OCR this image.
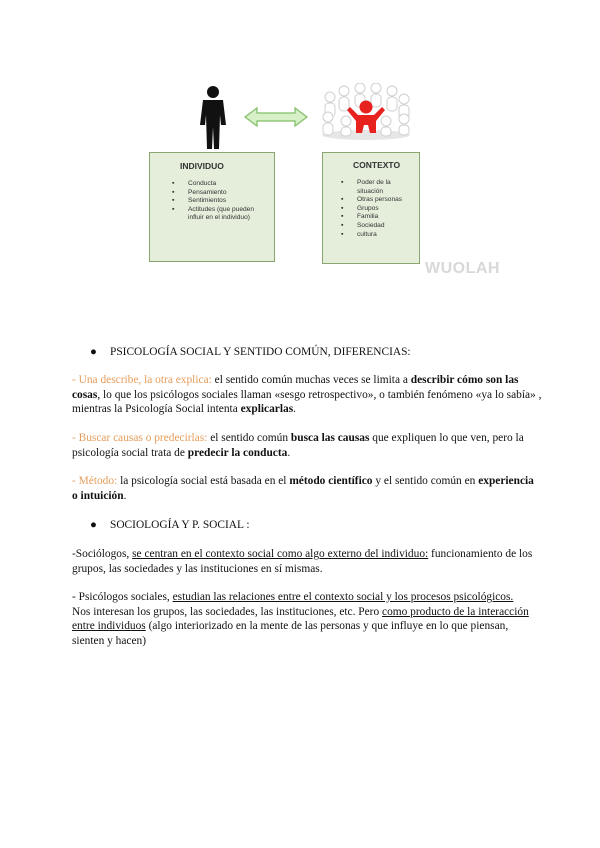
INDIVIDUO
▪ Conducta
▪ Pensamiento
▪ Sentimientos
▪ Actitudes (que pueden influir en el individuo)
CONTEXTO
▪ Poder de la situación
▪ Otras personas
▪ Grupos
▪ Familia
▪ Sociedad
▪ cultura
WUOLAH
● PSICOLOGÍA SOCIAL Y SENTIDO COMÚN, DIFERENCIAS:
- Una describe, la otra explica: el sentido común muchas veces se limita a describir cómo son las cosas, lo que los psicólogos sociales llaman «sesgo retrospectivo», o también fenómeno «ya lo sabía» , mientras la Psicología Social intenta explicarlas.
- Buscar causas o predecirlas: el sentido común busca las causas que expliquen lo que ven, pero la psicología social trata de predecir la conducta.
- Método: la psicología social está basada en el método científico y el sentido común en experiencia o intuición.
● SOCIOLOGÍA Y P. SOCIAL :
-Sociólogos, se centran en el contexto social como algo externo del individuo: funcionamiento de los grupos, las sociedades y las instituciones en sí mismas.
- Psicólogos sociales, estudian las relaciones entre el contexto social y los procesos psicológicos.
Nos interesan los grupos, las sociedades, las instituciones, etc. Pero como producto de la interacción entre individuos (algo interiorizado en la mente de las personas y que influye en lo que piensan, sienten y hacen)
